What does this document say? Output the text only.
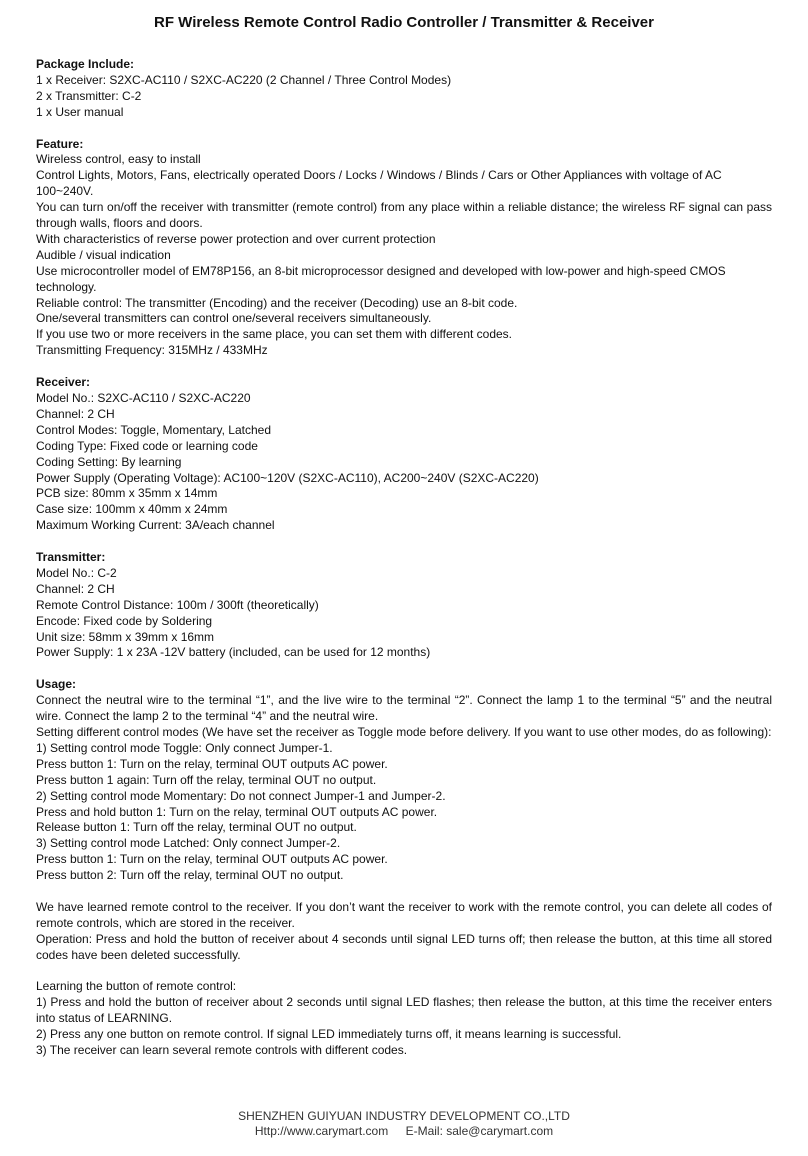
RF Wireless Remote Control Radio Controller / Transmitter & Receiver

Package Include:

1 x Receiver: S2XC-AC110 / S2XC-AC220 (2 Channel / Three Control Modes)

2 x Transmitter: C-2

1 x User manual

Feature:

Wireless control, easy to install

Control Lights, Motors, Fans, electrically operated Doors / Locks / Windows / Blinds / Cars or Other Appliances with voltage of AC 100~240V.

You can turn on/off the receiver with transmitter (remote control) from any place within a reliable distance; the wireless RF signal can pass through walls, floors and doors.

With characteristics of reverse power protection and over current protection

Audible / visual indication

Use microcontroller model of EM78P156, an 8-bit microprocessor designed and developed with low-power and high-speed CMOS technology.

Reliable control: The transmitter (Encoding) and the receiver (Decoding) use an 8-bit code.

One/several transmitters can control one/several receivers simultaneously.

If you use two or more receivers in the same place, you can set them with different codes.

Transmitting Frequency: 315MHz / 433MHz

Receiver:

Model No.: S2XC-AC110 / S2XC-AC220

Channel: 2 CH

Control Modes: Toggle, Momentary, Latched

Coding Type: Fixed code or learning code

Coding Setting: By learning

Power Supply (Operating Voltage): AC100~120V (S2XC-AC110), AC200~240V (S2XC-AC220)

PCB size: 80mm x 35mm x 14mm

Case size: 100mm x 40mm x 24mm

Maximum Working Current: 3A/each channel

Transmitter:

Model No.: C-2

Channel: 2 CH

Remote Control Distance: 100m / 300ft (theoretically)

Encode: Fixed code by Soldering

Unit size: 58mm x 39mm x 16mm

Power Supply: 1 x 23A -12V battery (included, can be used for 12 months)

Usage:

Connect the neutral wire to the terminal “1”, and the live wire to the terminal “2”. Connect the lamp 1 to the terminal “5” and the neutral wire. Connect the lamp 2 to the terminal “4” and the neutral wire.

Setting different control modes (We have set the receiver as Toggle mode before delivery. If you want to use other modes, do as following):

1) Setting control mode Toggle: Only connect Jumper-1.

Press button 1: Turn on the relay, terminal OUT outputs AC power.

Press button 1 again: Turn off the relay, terminal OUT no output.

2) Setting control mode Momentary: Do not connect Jumper-1 and Jumper-2.

Press and hold button 1: Turn on the relay, terminal OUT outputs AC power.

Release button 1: Turn off the relay, terminal OUT no output.

3) Setting control mode Latched: Only connect Jumper-2.

Press button 1: Turn on the relay, terminal OUT outputs AC power.

Press button 2: Turn off the relay, terminal OUT no output.

We have learned remote control to the receiver. If you don’t want the receiver to work with the remote control, you can delete all codes of remote controls, which are stored in the receiver.

Operation: Press and hold the button of receiver about 4 seconds until signal LED turns off; then release the button, at this time all stored codes have been deleted successfully.

Learning the button of remote control:

1) Press and hold the button of receiver about 2 seconds until signal LED flashes; then release the button, at this time the receiver enters into status of LEARNING.

2) Press any one button on remote control. If signal LED immediately turns off, it means learning is successful.

3) The receiver can learn several remote controls with different codes.

SHENZHEN GUIYUAN INDUSTRY DEVELOPMENT CO.,LTD
Http://www.carymart.com E-Mail: sale@carymart.com
